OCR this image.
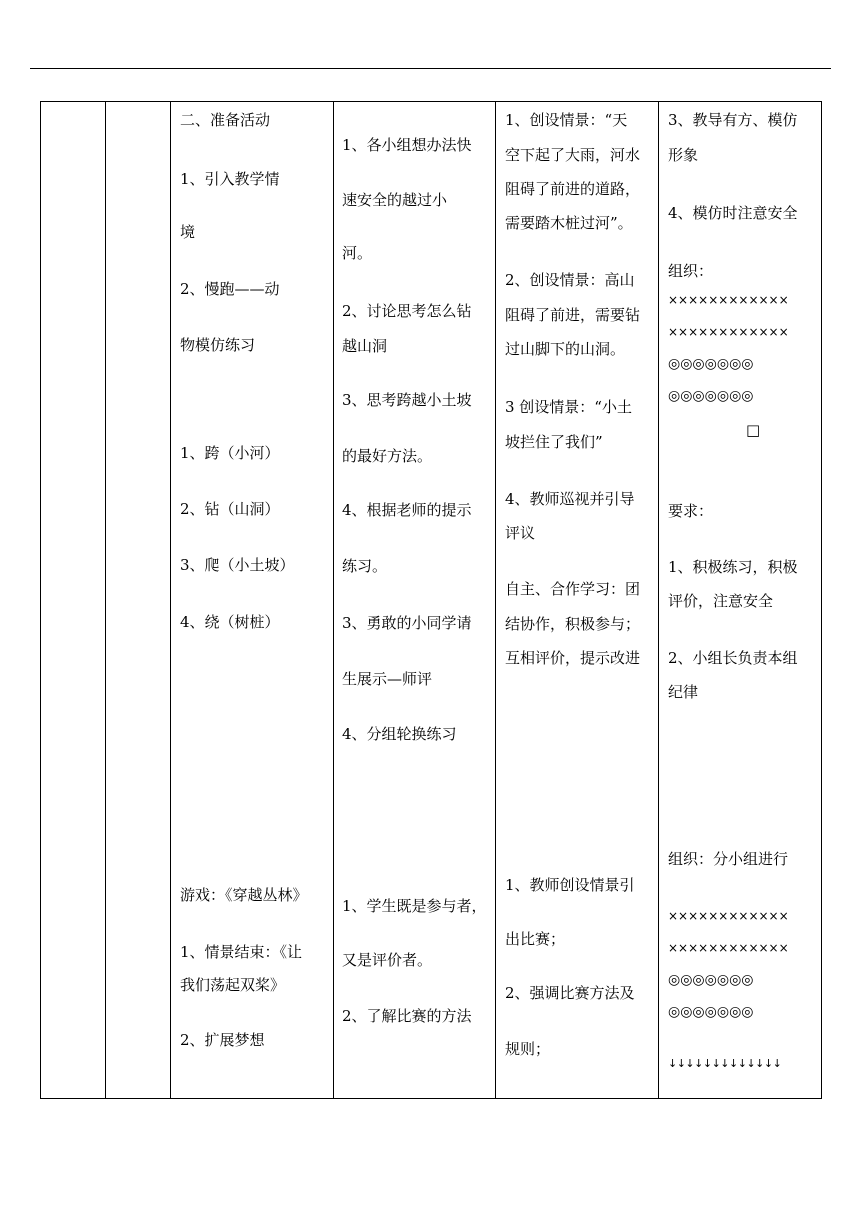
二、准备活动
1、引入教学情
境
2、慢跑——动
物模仿练习
1、跨（小河）
2、钻（山洞）
3、爬（小土坡）
4、绕（树桩）
游戏：《穿越丛林》
1、情景结束：《让
我们荡起双桨》
2、扩展梦想
1、各小组想办法快
速安全的越过小
河。
2、讨论思考怎么钻
越山洞
3、思考跨越小土坡
的最好方法。
4、根据老师的提示
练习。
3、勇敢的小同学请
生展示—师评
4、分组轮换练习
1、学生既是参与者，
又是评价者。
2、了解比赛的方法
1、创设情景：“天
空下起了大雨，河水
阻碍了前进的道路，
需要踏木桩过河”。
2、创设情景：高山
阻碍了前进，需要钻
过山脚下的山洞。
3 创设情景：“小土
坡拦住了我们”
4、教师巡视并引导
评议
自主、合作学习：团
结协作，积极参与；
互相评价，提示改进
1、教师创设情景引
出比赛；
2、强调比赛方法及
规则；
3、教导有方、模仿
形象
4、模仿时注意安全
组织：
××××××××××××
××××××××××××
◎◎◎◎◎◎◎
◎◎◎◎◎◎◎
□
要求：
1、积极练习，积极
评价，注意安全
2、小组长负责本组
纪律
组织：分小组进行
××××××××××××
××××××××××××
◎◎◎◎◎◎◎
◎◎◎◎◎◎◎
↓↓↓↓↓↓↓↓↓↓↓↓↓
